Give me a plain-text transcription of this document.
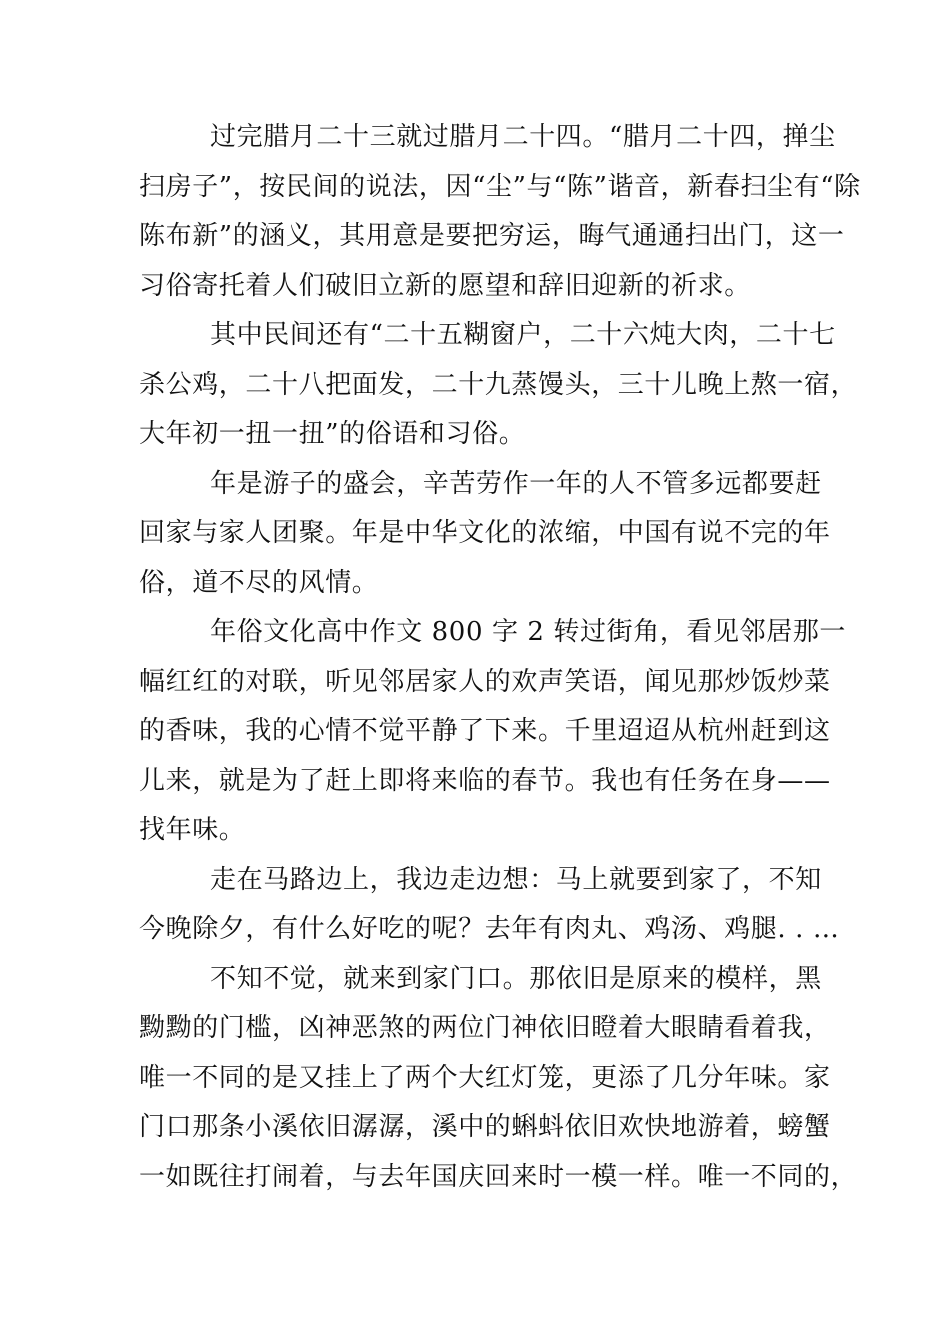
过完腊月二十三就过腊月二十四。“腊月二十四，掸尘
扫房子”，按民间的说法，因“尘”与“陈”谐音，新春扫尘有“除
陈布新”的涵义，其用意是要把穷运，晦气通通扫出门，这一
习俗寄托着人们破旧立新的愿望和辞旧迎新的祈求。
其中民间还有“二十五糊窗户，二十六炖大肉，二十七
杀公鸡，二十八把面发，二十九蒸馒头，三十儿晚上熬一宿，
大年初一扭一扭”的俗语和习俗。
年是游子的盛会，辛苦劳作一年的人不管多远都要赶
回家与家人团聚。年是中华文化的浓缩，中国有说不完的年
俗，道不尽的风情。
年俗文化高中作文 800 字 2 转过街角，看见邻居那一
幅红红的对联，听见邻居家人的欢声笑语，闻见那炒饭炒菜
的香味，我的心情不觉平静了下来。千里迢迢从杭州赶到这
儿来，就是为了赶上即将来临的春节。我也有任务在身——
找年味。
走在马路边上，我边走边想：马上就要到家了，不知
今晚除夕，有什么好吃的呢？去年有肉丸、鸡汤、鸡腿. . …
不知不觉，就来到家门口。那依旧是原来的模样，黑
黝黝的门槛，凶神恶煞的两位门神依旧瞪着大眼睛看着我，
唯一不同的是又挂上了两个大红灯笼，更添了几分年味。家
门口那条小溪依旧潺潺，溪中的蝌蚪依旧欢快地游着，螃蟹
一如既往打闹着，与去年国庆回来时一模一样。唯一不同的，
